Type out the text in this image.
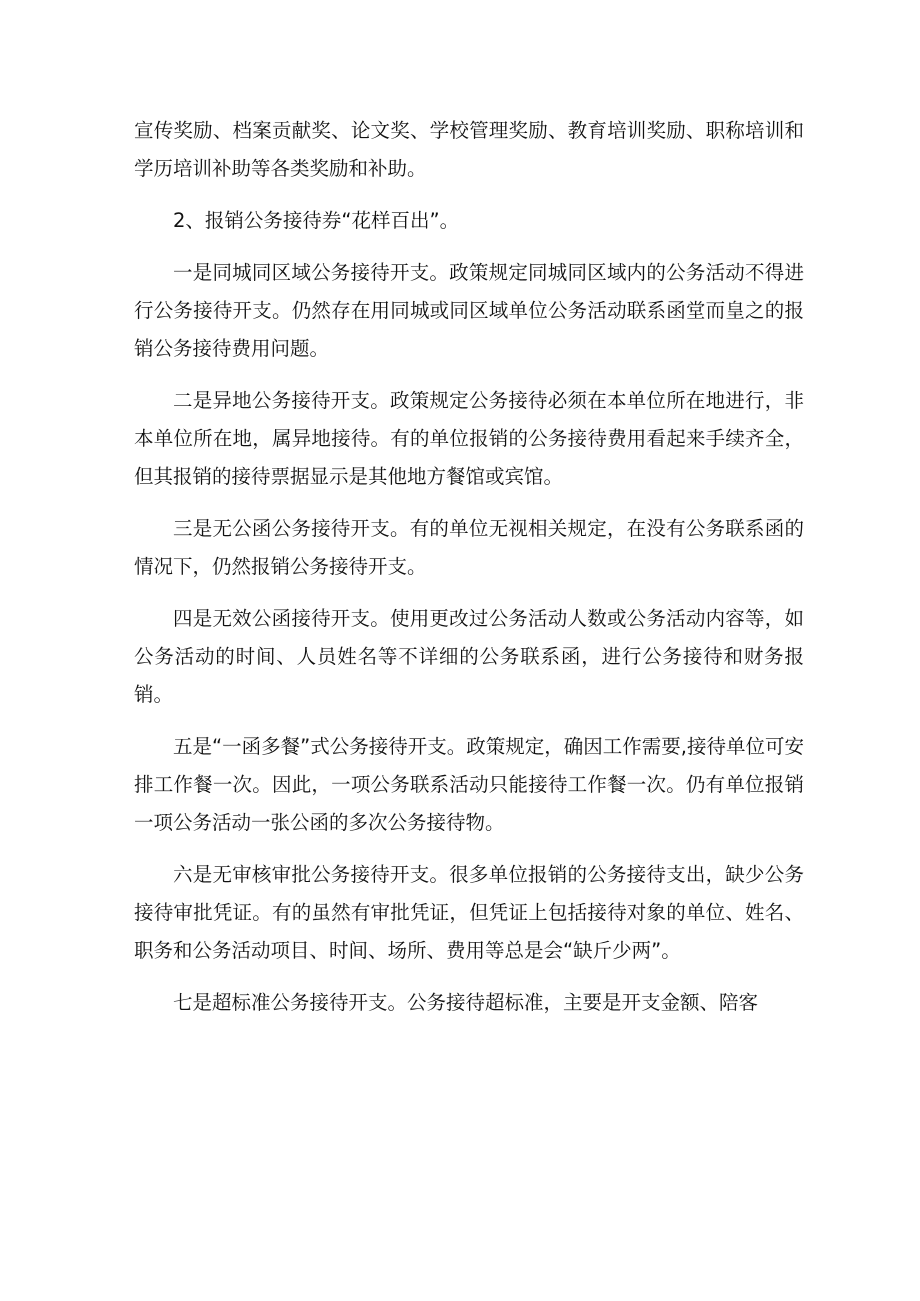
宣传奖励、档案贡献奖、论文奖、学校管理奖励、教育培训奖励、职称培训和学历培训补助等各类奖励和补助。

2、报销公务接待券“花样百出”。

一是同城同区域公务接待开支。政策规定同城同区域内的公务活动不得进行公务接待开支。仍然存在用同城或同区域单位公务活动联系函堂而皇之的报销公务接待费用问题。

二是异地公务接待开支。政策规定公务接待必须在本单位所在地进行，非本单位所在地，属异地接待。有的单位报销的公务接待费用看起来手续齐全，但其报销的接待票据显示是其他地方餐馆或宾馆。

三是无公函公务接待开支。有的单位无视相关规定，在没有公务联系函的情况下，仍然报销公务接待开支。

四是无效公函接待开支。使用更改过公务活动人数或公务活动内容等，如公务活动的时间、人员姓名等不详细的公务联系函，进行公务接待和财务报销。

五是“一函多餐”式公务接待开支。政策规定，确因工作需要,接待单位可安排工作餐一次。因此，一项公务联系活动只能接待工作餐一次。仍有单位报销一项公务活动一张公函的多次公务接待物。

六是无审核审批公务接待开支。很多单位报销的公务接待支出，缺少公务接待审批凭证。有的虽然有审批凭证，但凭证上包括接待对象的单位、姓名、职务和公务活动项目、时间、场所、费用等总是会“缺斤少两”。

七是超标准公务接待开支。公务接待超标准，主要是开支金额、陪客
